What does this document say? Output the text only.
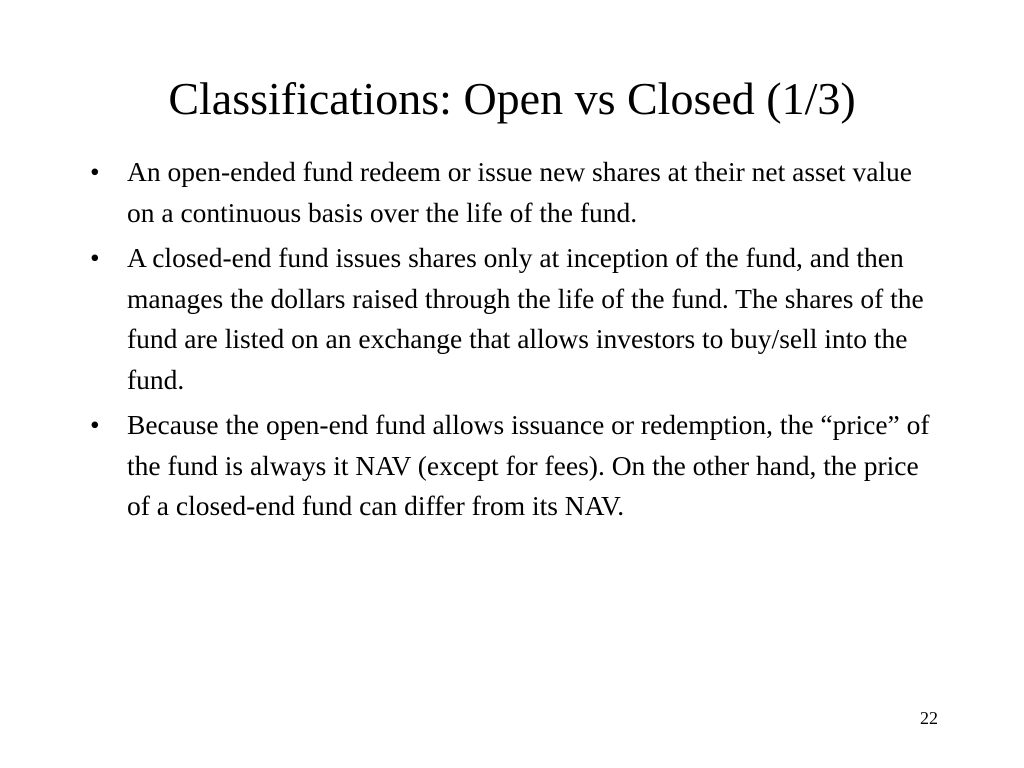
Classifications: Open vs Closed (1/3)
• An open-ended fund redeem or issue new shares at their net asset value on a continuous basis over the life of the fund.
• A closed-end fund issues shares only at inception of the fund, and then manages the dollars raised through the life of the fund. The shares of the fund are listed on an exchange that allows investors to buy/sell into the fund.
• Because the open-end fund allows issuance or redemption, the “price” of the fund is always it NAV (except for fees). On the other hand, the price of a closed-end fund can differ from its NAV.
22
